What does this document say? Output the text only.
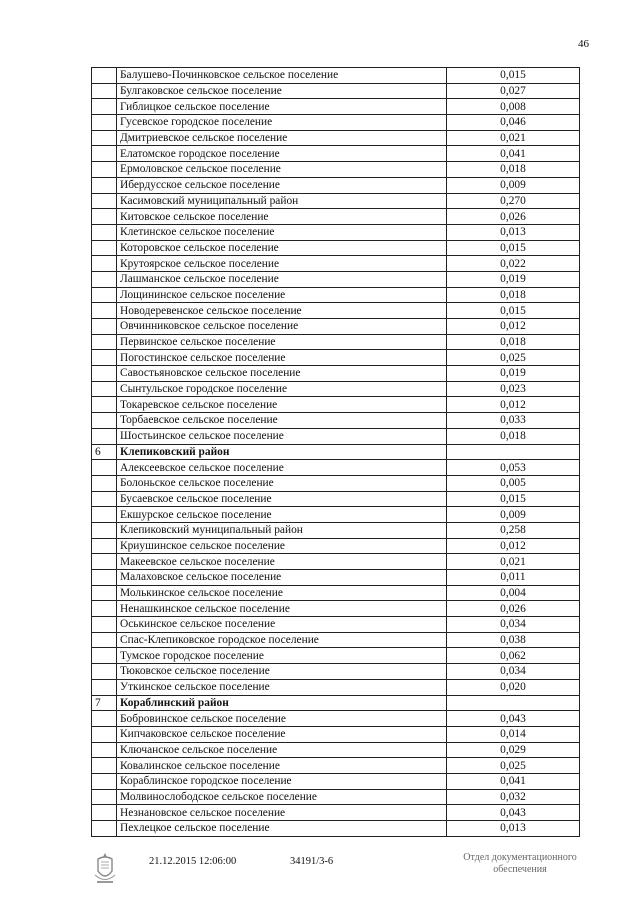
46
	Балушево-Починковское сельское поселение	0,015
	Булгаковское сельское поселение	0,027
	Гиблицкое сельское поселение	0,008
	Гусевское городское поселение	0,046
	Дмитриевское сельское поселение	0,021
	Елатомское городское поселение	0,041
	Ермоловское сельское поселение	0,018
	Ибердусское сельское поселение	0,009
	Касимовский муниципальный район	0,270
	Китовское сельское поселение	0,026
	Клетинское сельское поселение	0,013
	Которовское сельское поселение	0,015
	Крутоярское сельское поселение	0,022
	Лашманское сельское поселение	0,019
	Лощининское сельское поселение	0,018
	Новодеревенское сельское поселение	0,015
	Овчинниковское сельское поселение	0,012
	Первинское сельское поселение	0,018
	Погостинское сельское поселение	0,025
	Савостьяновское сельское поселение	0,019
	Сынтульское городское поселение	0,023
	Токаревское сельское поселение	0,012
	Торбаевское сельское поселение	0,033
	Шостьинское сельское поселение	0,018
6	Клепиковский район	
	Алексеевское сельское поселение	0,053
	Болоньское сельское поселение	0,005
	Бусаевское сельское поселение	0,015
	Екшурское сельское поселение	0,009
	Клепиковский муниципальный район	0,258
	Криушинское сельское поселение	0,012
	Макеевское сельское поселение	0,021
	Малаховское сельское поселение	0,011
	Молькинское сельское поселение	0,004
	Ненашкинское сельское поселение	0,026
	Оськинское сельское поселение	0,034
	Спас-Клепиковское городское поселение	0,038
	Тумское городское поселение	0,062
	Тюковское сельское поселение	0,034
	Уткинское сельское поселение	0,020
7	Кораблинский район	
	Бобровинское сельское поселение	0,043
	Кипчаковское сельское поселение	0,014
	Ключанское сельское поселение	0,029
	Ковалинское сельское поселение	0,025
	Кораблинское городское поселение	0,041
	Молвинослободское сельское поселение	0,032
	Незнановское сельское поселение	0,043
	Пехлецкое сельское поселение	0,013
21.12.2015 12:06:00	34191/3-6	Отдел документационного
обеспечения
